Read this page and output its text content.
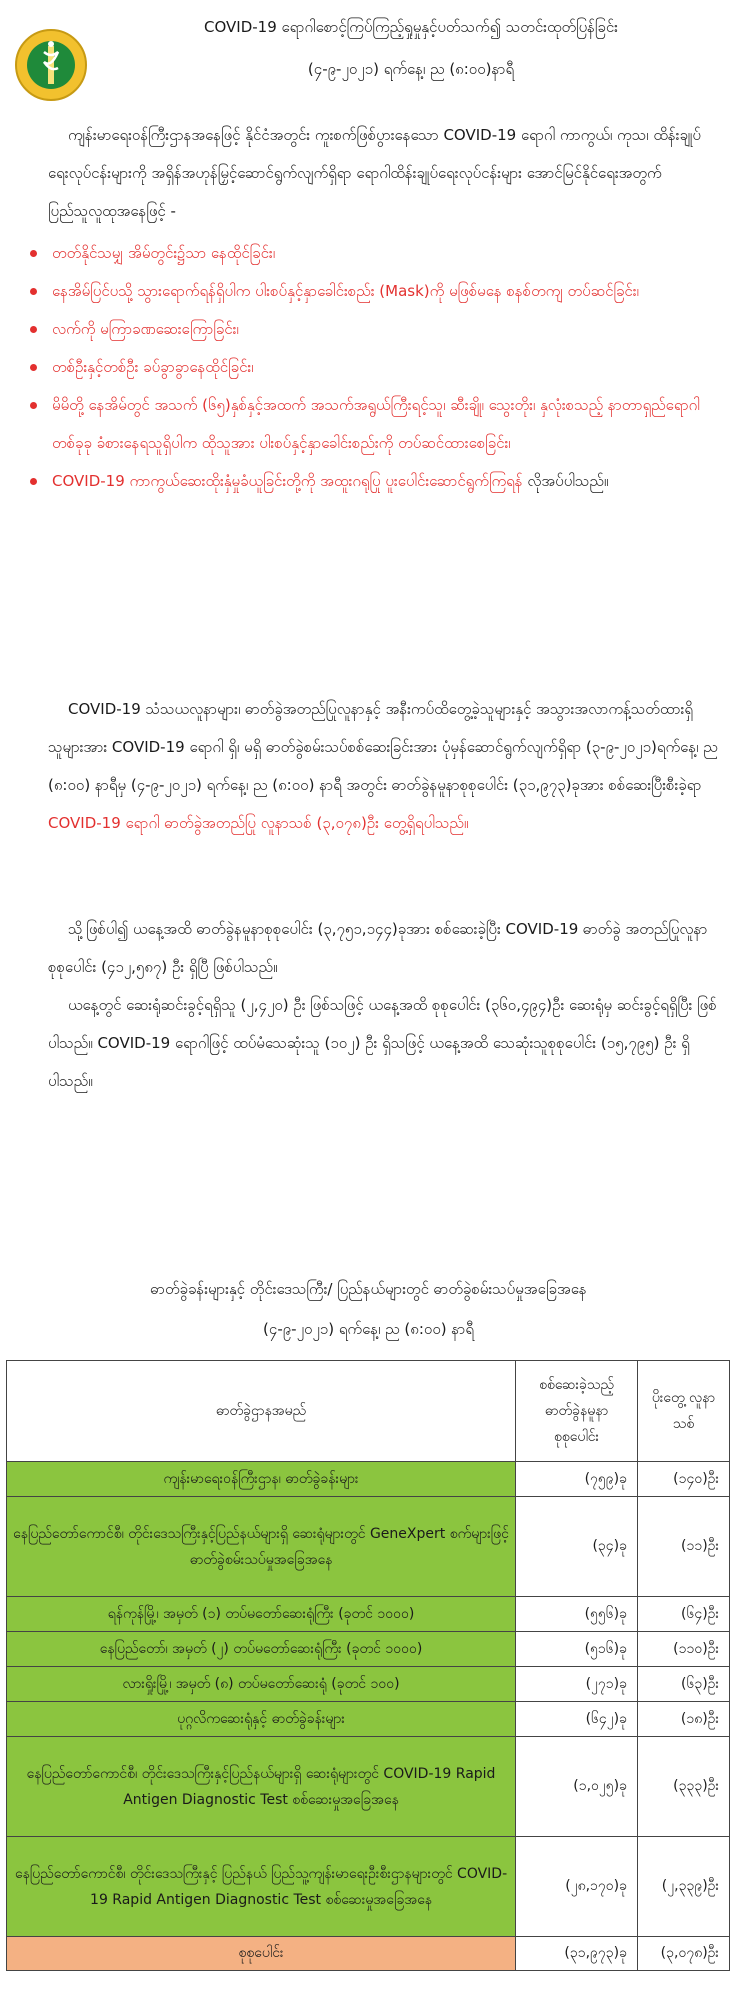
COVID-19 ရောဂါစောင့်ကြပ်ကြည့်ရှုမှုနှင့်ပတ်သက်၍ သတင်းထုတ်ပြန်ခြင်း
(၄-၉-၂၀၂၁) ရက်နေ့၊ ည (၈:၀၀)နာရီ
ကျန်းမာရေးဝန်ကြီးဌာနအနေဖြင့် နိုင်ငံအတွင်း ကူးစက်ဖြစ်ပွားနေသော COVID-19 ရောဂါ ကာကွယ်၊ ကုသ၊ ထိန်းချုပ်ရေးလုပ်ငန်းများကို အရှိန်အဟုန်မြှင့်ဆောင်ရွက်လျက်ရှိရာ ရောဂါထိန်းချုပ်ရေးလုပ်ငန်းများ အောင်မြင်နိုင်ရေးအတွက် ပြည်သူလူထုအနေဖြင့် -
တတ်နိုင်သမျှ အိမ်တွင်း၌သာ နေထိုင်ခြင်း၊
နေအိမ်ပြင်ပသို့ သွားရောက်ရန်ရှိပါက ပါးစပ်နှင့်နှာခေါင်းစည်း (Mask)ကို မဖြစ်မနေ စနစ်တကျ တပ်ဆင်ခြင်း၊
လက်ကို မကြာခဏဆေးကြောခြင်း၊
တစ်ဦးနှင့်တစ်ဦး ခပ်ခွာခွာနေထိုင်ခြင်း၊
မိမိတို့ နေအိမ်တွင် အသက် (၆၅)နှစ်နှင့်အထက် အသက်အရွယ်ကြီးရင့်သူ၊ ဆီးချို၊ သွေးတိုး၊ နှလုံးစသည့် နာတာရှည်ရောဂါတစ်ခုခု ခံစားနေရသူရှိပါက ထိုသူအား ပါးစပ်နှင့်နှာခေါင်းစည်းကို တပ်ဆင်ထားစေခြင်း၊
COVID-19 ကာကွယ်ဆေးထိုးနှံမှုခံယူခြင်းတို့ကို အထူးဂရုပြု ပူးပေါင်းဆောင်ရွက်ကြရန် လိုအပ်ပါသည်။
COVID-19 သံသယလူနာများ၊ ဓာတ်ခွဲအတည်ပြုလူနာနှင့် အနီးကပ်ထိတွေ့ခဲ့သူများနှင့် အသွားအလာကန့်သတ်ထားရှိသူများအား COVID-19 ရောဂါ ရှိ၊ မရှိ ဓာတ်ခွဲစမ်းသပ်စစ်ဆေးခြင်းအား ပုံမှန်ဆောင်ရွက်လျက်ရှိရာ (၃-၉-၂၀၂၁)ရက်နေ့၊ ည (၈:၀၀) နာရီမှ (၄-၉-၂၀၂၁) ရက်နေ့၊ ည (၈:၀၀) နာရီ အတွင်း ဓာတ်ခွဲနမူနာစုစုပေါင်း (၃၁,၉၇၃)ခုအား စစ်ဆေးပြီးစီးခဲ့ရာ COVID-19 ရောဂါ ဓာတ်ခွဲအတည်ပြု လူနာသစ် (၃,၀၇၈)ဦး တွေ့ရှိရပါသည်။
သို့ဖြစ်ပါ၍ ယနေ့အထိ ဓာတ်ခွဲနမူနာစုစုပေါင်း (၃,၇၅၁,၁၄၄)ခုအား စစ်ဆေးခဲ့ပြီး COVID-19 ဓာတ်ခွဲ အတည်ပြုလူနာ စုစုပေါင်း (၄၁၂,၅၈၇) ဦး ရှိပြီ ဖြစ်ပါသည်။
ယနေ့တွင် ဆေးရုံဆင်းခွင့်ရရှိသူ (၂,၄၂၀) ဦး ဖြစ်သဖြင့် ယနေ့အထိ စုစုပေါင်း (၃၆၀,၄၉၄)ဦး ဆေးရုံမှ ဆင်းခွင့်ရရှိပြီး ဖြစ်ပါသည်။ COVID-19 ရောဂါဖြင့် ထပ်မံသေဆုံးသူ (၁၀၂) ဦး ရှိသဖြင့် ယနေ့အထိ သေဆုံးသူစုစုပေါင်း (၁၅,၇၉၅) ဦး ရှိပါသည်။
ဓာတ်ခွဲခန်းများနှင့် တိုင်းဒေသကြီး/ ပြည်နယ်များတွင် ဓာတ်ခွဲစမ်းသပ်မှုအခြေအနေ
(၄-၉-၂၀၂၁) ရက်နေ့၊ ည (၈:၀၀) နာရီ
ဓာတ်ခွဲဌာနအမည်	စစ်ဆေးခဲ့သည့် ဓာတ်ခွဲနမူနာ စုစုပေါင်း	ပိုးတွေ့ လူနာသစ်
ကျန်းမာရေးဝန်ကြီးဌာန၊ ဓာတ်ခွဲခန်းများ	(၇၅၉)ခု	(၁၄၀)ဦး
နေပြည်တော်ကောင်စီ၊ တိုင်းဒေသကြီးနှင့်ပြည်နယ်များရှိ ဆေးရုံများတွင် GeneXpert စက်များဖြင့် ဓာတ်ခွဲစမ်းသပ်မှုအခြေအနေ	(၃၄)ခု	(၁၁)ဦး
ရန်ကုန်မြို့၊ အမှတ် (၁) တပ်မတော်ဆေးရုံကြီး (ခုတင် ၁၀၀၀)	(၅၅၆)ခု	(၆၄)ဦး
နေပြည်တော်၊ အမှတ် (၂) တပ်မတော်ဆေးရုံကြီး (ခုတင် ၁၀၀၀)	(၅၁၆)ခု	(၁၁၀)ဦး
လားရှိုးမြို့၊ အမှတ် (၈) တပ်မတော်ဆေးရုံ (ခုတင် ၁၀၀)	(၂၇၁)ခု	(၆၃)ဦး
ပုဂ္ဂလိကဆေးရုံနှင့် ဓာတ်ခွဲခန်းများ	(၆၄၂)ခု	(၁၈)ဦး
နေပြည်တော်ကောင်စီ၊ တိုင်းဒေသကြီးနှင့်ပြည်နယ်များရှိ ဆေးရုံများတွင် COVID-19 Rapid Antigen Diagnostic Test စစ်ဆေးမှုအခြေအနေ	(၁,၀၂၅)ခု	(၃၃၃)ဦး
နေပြည်တော်ကောင်စီ၊ တိုင်းဒေသကြီးနှင့် ပြည်နယ် ပြည်သူ့ကျန်းမာရေးဦးစီးဌာနများတွင် COVID-19 Rapid Antigen Diagnostic Test စစ်ဆေးမှုအခြေအနေ	(၂၈,၁၇၀)ခု	(၂,၃၃၉)ဦး
စုစုပေါင်း	(၃၁,၉၇၃)ခု	(၃,၀၇၈)ဦး
